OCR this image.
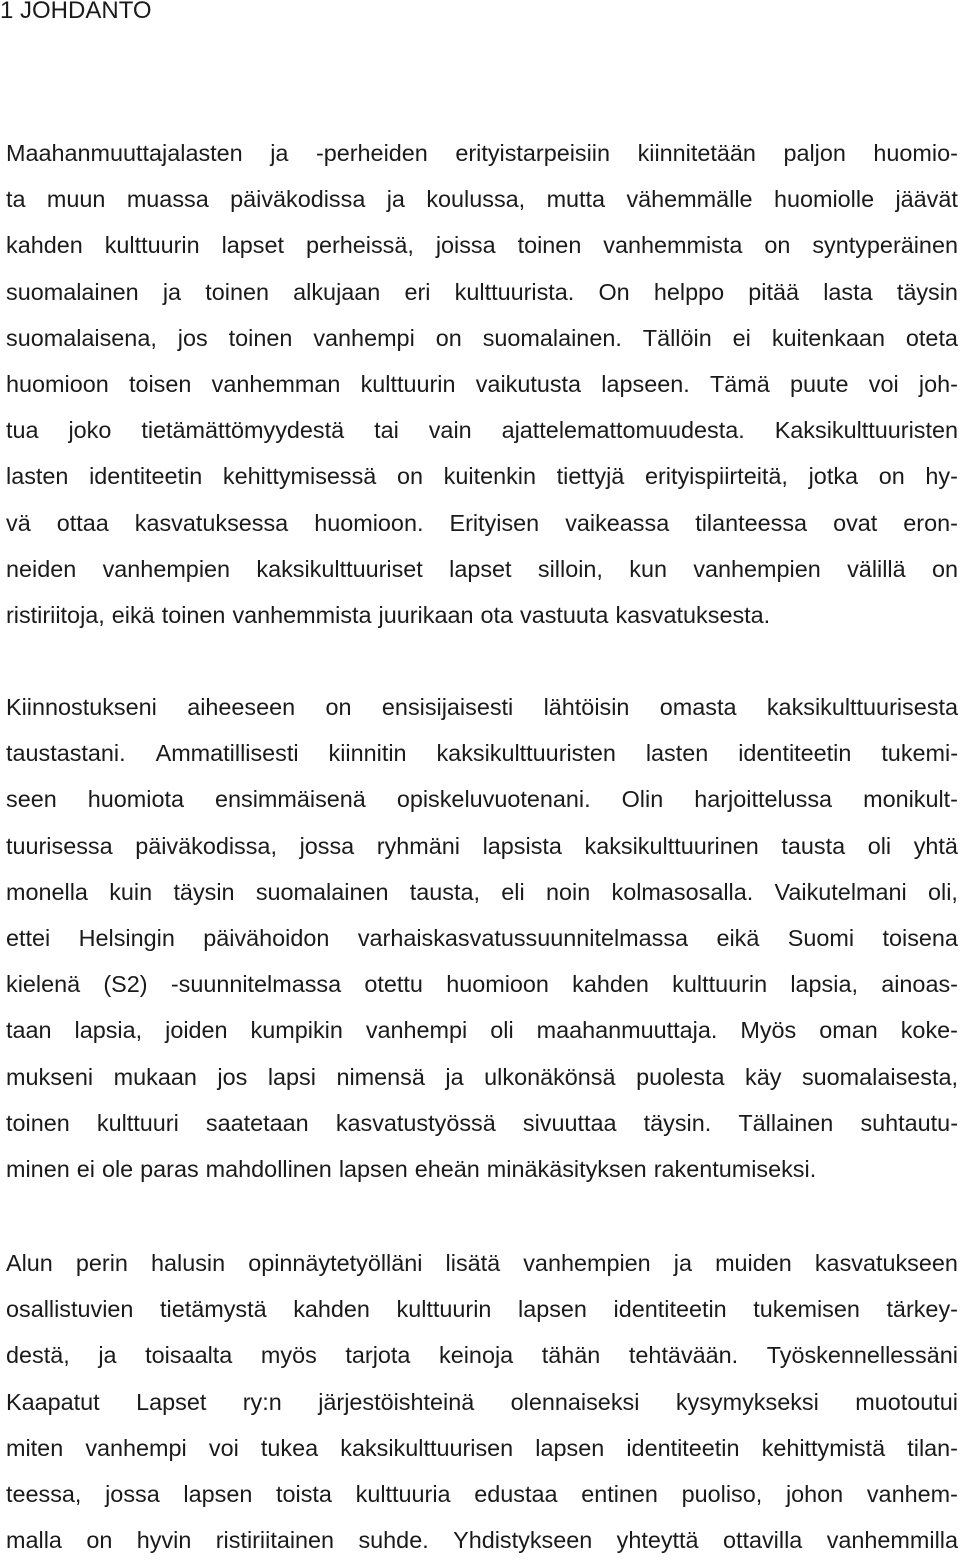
1 JOHDANTO
Maahanmuuttajalasten ja -perheiden erityistarpeisiin kiinnitetään paljon huomio-
ta muun muassa päiväkodissa ja koulussa, mutta vähemmälle huomiolle jäävät
kahden kulttuurin lapset perheissä, joissa toinen vanhemmista on syntyperäinen
suomalainen ja toinen alkujaan eri kulttuurista. On helppo pitää lasta täysin
suomalaisena, jos toinen vanhempi on suomalainen. Tällöin ei kuitenkaan oteta
huomioon toisen vanhemman kulttuurin vaikutusta lapseen. Tämä puute voi joh-
tua joko tietämättömyydestä tai vain ajattelemattomuudesta. Kaksikulttuuristen
lasten identiteetin kehittymisessä on kuitenkin tiettyjä erityispiirteitä, jotka on hy-
vä ottaa kasvatuksessa huomioon. Erityisen vaikeassa tilanteessa ovat eron-
neiden vanhempien kaksikulttuuriset lapset silloin, kun vanhempien välillä on
ristiriitoja, eikä toinen vanhemmista juurikaan ota vastuuta kasvatuksesta.
Kiinnostukseni aiheeseen on ensisijaisesti lähtöisin omasta kaksikulttuurisesta
taustastani. Ammatillisesti kiinnitin kaksikulttuuristen lasten identiteetin tukemi-
seen huomiota ensimmäisenä opiskeluvuotenani. Olin harjoittelussa monikult-
tuurisessa päiväkodissa, jossa ryhmäni lapsista kaksikulttuurinen tausta oli yhtä
monella kuin täysin suomalainen tausta, eli noin kolmasosalla. Vaikutelmani oli,
ettei Helsingin päivähoidon varhaiskasvatussuunnitelmassa eikä Suomi toisena
kielenä (S2) -suunnitelmassa otettu huomioon kahden kulttuurin lapsia, ainoas-
taan lapsia, joiden kumpikin vanhempi oli maahanmuuttaja. Myös oman koke-
mukseni mukaan jos lapsi nimensä ja ulkonäkönsä puolesta käy suomalaisesta,
toinen kulttuuri saatetaan kasvatustyössä sivuuttaa täysin. Tällainen suhtautu-
minen ei ole paras mahdollinen lapsen eheän minäkäsityksen rakentumiseksi.
Alun perin halusin opinnäytetyölläni lisätä vanhempien ja muiden kasvatukseen
osallistuvien tietämystä kahden kulttuurin lapsen identiteetin tukemisen tärkey-
destä, ja toisaalta myös tarjota keinoja tähän tehtävään. Työskennellessäni
Kaapatut Lapset ry:n järjestöishteinä olennaiseksi kysymykseksi muotoutui
miten vanhempi voi tukea kaksikulttuurisen lapsen identiteetin kehittymistä tilan-
teessa, jossa lapsen toista kulttuuria edustaa entinen puoliso, johon vanhem-
malla on hyvin ristiriitainen suhde. Yhdistykseen yhteyttä ottavilla vanhemmilla
